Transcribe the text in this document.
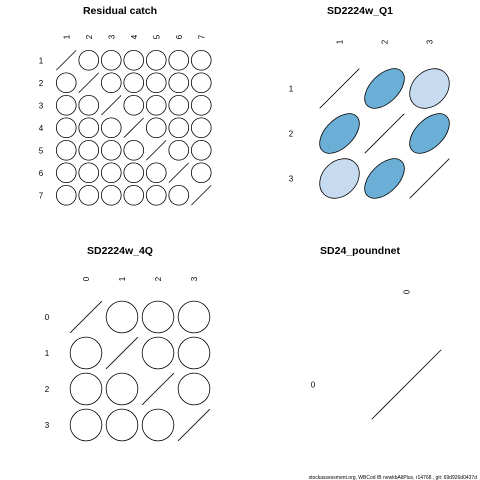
Residual catch
1 2 3 4 5 6 7
1
2
3
4
5
6
7
SD2224w_Q1
1	2	3
1
2
3
SD2224w_4Q
0	1	2	3
0
1
2
3
SD24_poundnet
0
0
stockassessment.org, WBCod IB newkbAltPlus, r14768 , git: 69d926d0437d
